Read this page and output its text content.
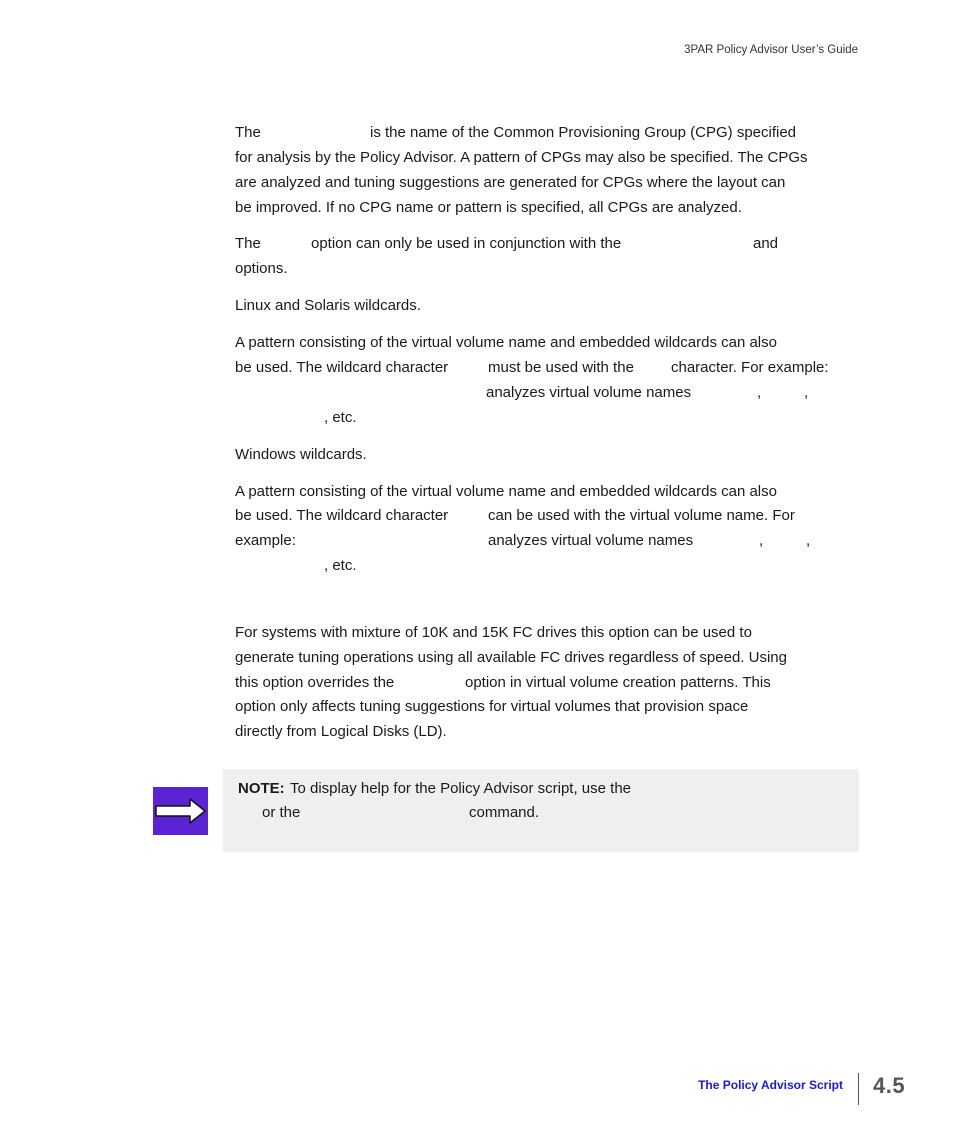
3PAR Policy Advisor User’s Guide
The	is the name of the Common Provisioning Group (CPG) specified
for analysis by the Policy Advisor. A pattern of CPGs may also be specified. The CPGs
are analyzed and tuning suggestions are generated for CPGs where the layout can
be improved. If no CPG name or pattern is specified, all CPGs are analyzed.
The	option can only be used in conjunction with the	and
options.
Linux and Solaris wildcards.
A pattern consisting of the virtual volume name and embedded wildcards can also
be used. The wildcard character	must be used with the character. For example:
analyzes virtual volume names	,	,
, etc.
Windows wildcards.
A pattern consisting of the virtual volume name and embedded wildcards can also
be used. The wildcard character	can be used with the virtual volume name. For
example:	analyzes virtual volume names	,	,
, etc.
For systems with mixture of 10K and 15K FC drives this option can be used to
generate tuning operations using all available FC drives regardless of speed. Using
this option overrides the	option in virtual volume creation patterns. This
option only affects tuning suggestions for virtual volumes that provision space
directly from Logical Disks (LD).
NOTE: To display help for the Policy Advisor script, use the
or the	command.
The Policy Advisor Script 4.5
